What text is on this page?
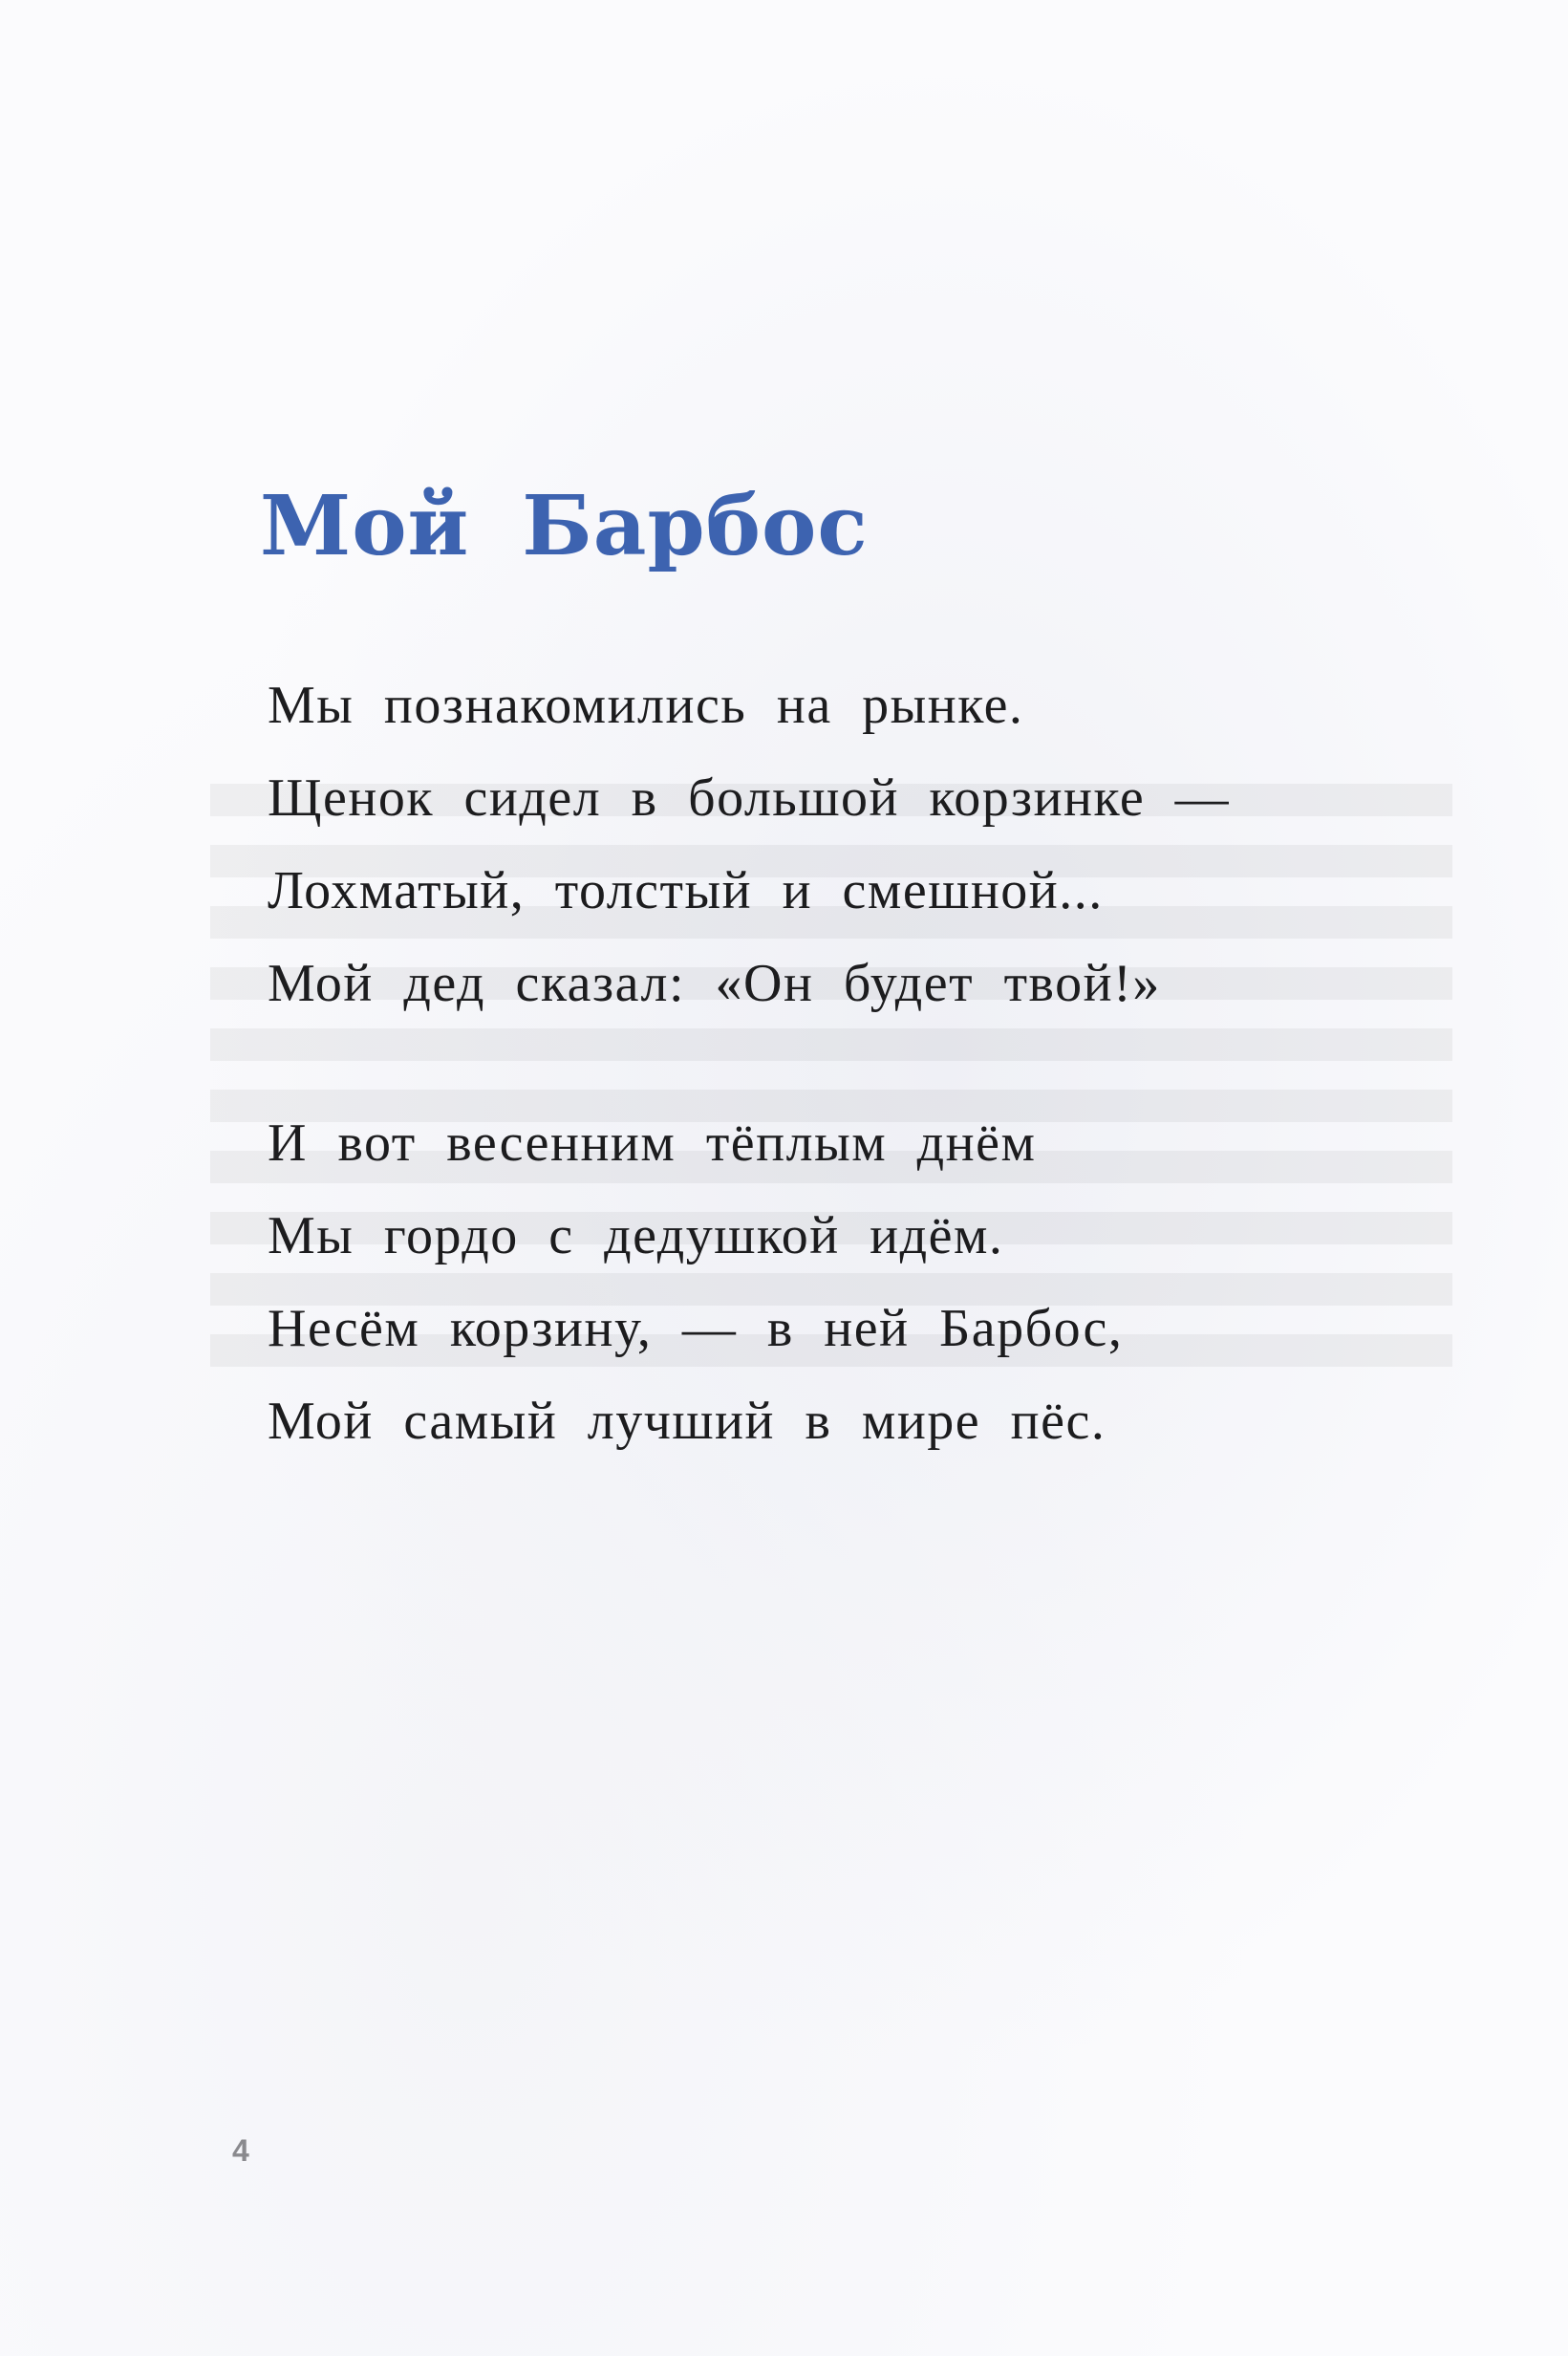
Мой Барбос
Мы познакомились на рынке.
Щенок сидел в большой корзинке —
Лохматый, толстый и смешной...
Мой дед сказал: «Он будет твой!»
И вот весенним тёплым днём
Мы гордо с дедушкой идём.
Несём корзину, — в ней Барбос,
Мой самый лучший в мире пёс.
4
